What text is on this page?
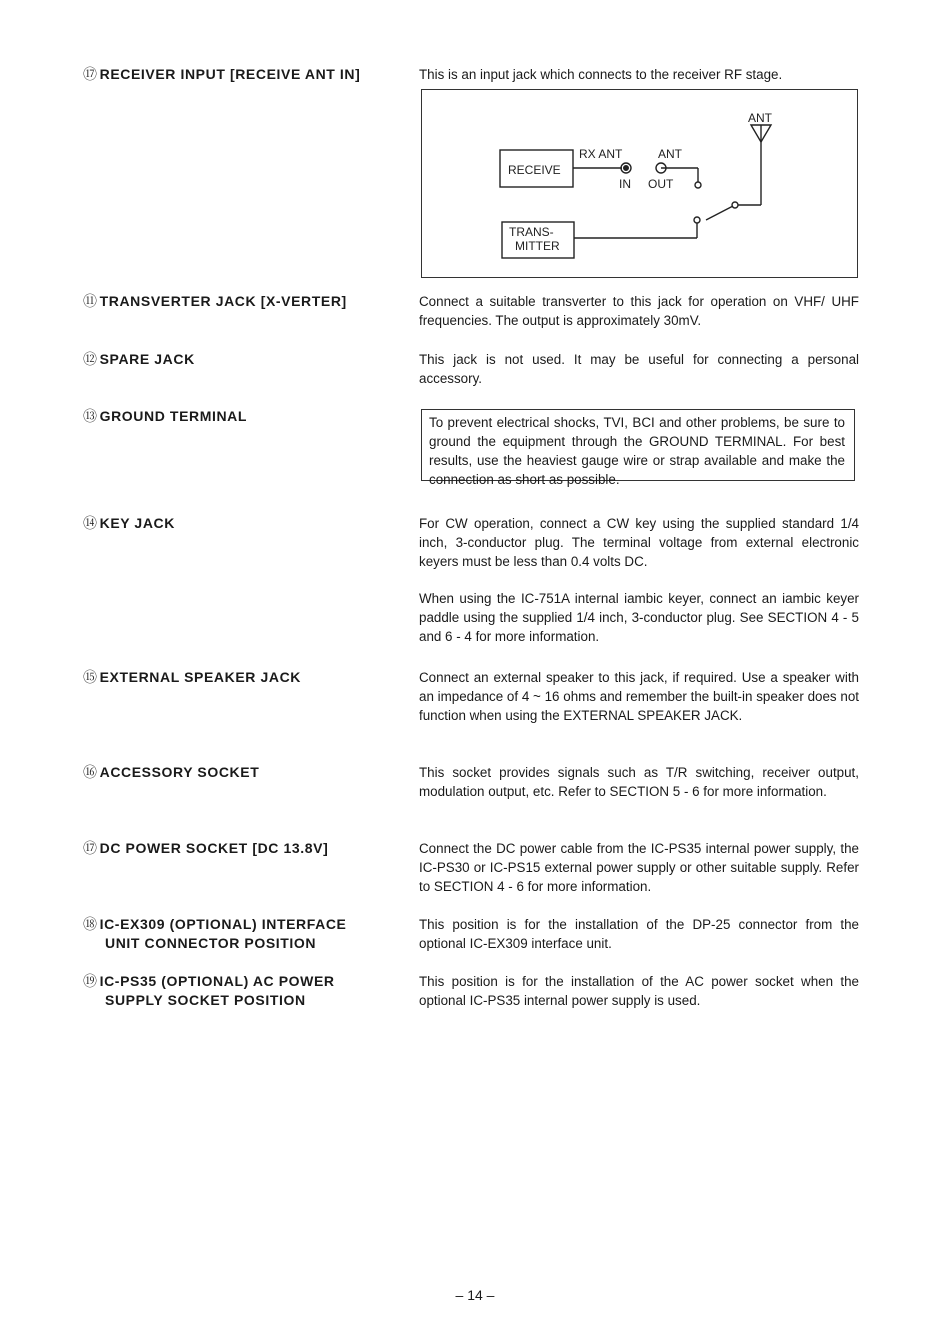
⑰ RECEIVER INPUT [RECEIVE ANT IN]	This is an input jack which connects to the receiver RF stage.
ANT
RECEIVE
RX ANT
IN
ANT
OUT
TRANS-
MITTER
⑪ TRANSVERTER JACK [X-VERTER]	Connect a suitable transverter to this jack for operation on VHF/ UHF frequencies. The output is approximately 30mV.
⑫ SPARE JACK	This jack is not used. It may be useful for connecting a personal accessory.
⑬ GROUND TERMINAL	To prevent electrical shocks, TVI, BCI and other problems, be sure to ground the equipment through the GROUND TERMINAL. For best results, use the heaviest gauge wire or strap available and make the connection as short as possible.
⑭ KEY JACK	For CW operation, connect a CW key using the supplied standard 1/4 inch, 3-conductor plug. The terminal voltage from external electronic keyers must be less than 0.4 volts DC.
When using the IC-751A internal iambic keyer, connect an iambic keyer paddle using the supplied 1/4 inch, 3-conductor plug. See SECTION 4 - 5 and 6 - 4 for more information.
⑮ EXTERNAL SPEAKER JACK	Connect an external speaker to this jack, if required. Use a speaker with an impedance of 4 ~ 16 ohms and remember the built-in speaker does not function when using the EXTERNAL SPEAKER JACK.
⑯ ACCESSORY SOCKET	This socket provides signals such as T/R switching, receiver output, modulation output, etc. Refer to SECTION 5 - 6 for more information.
⑰ DC POWER SOCKET [DC 13.8V]	Connect the DC power cable from the IC-PS35 internal power supply, the IC-PS30 or IC-PS15 external power supply or other suitable supply. Refer to SECTION 4 - 6 for more information.
⑱ IC-EX309 (OPTIONAL) INTERFACE
UNIT CONNECTOR POSITION
This position is for the installation of the DP-25 connector from the optional IC-EX309 interface unit.
⑲ IC-PS35 (OPTIONAL) AC POWER
SUPPLY SOCKET POSITION
This position is for the installation of the AC power socket when the optional IC-PS35 internal power supply is used.
– 14 –
